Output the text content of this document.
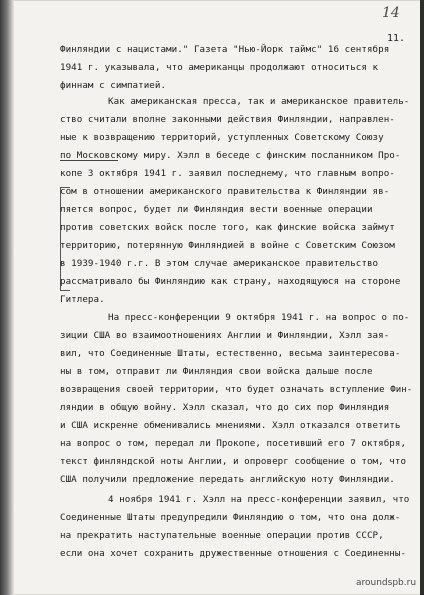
14
11.
Финляндии с нацистами." Газета "Нью-Йорк таймс" 16 сентября
1941 г. указывала, что американцы продолжают относиться к
финнам с симпатией.
Как американская пресса, так и американское правитель-
ство считали вполне законными действия Финляндии, направлен-
ные к возвращению территорий, уступленных Советскому Союзу
по Московскому миру. Хэлл в беседе с финским посланником Про-
копе 3 октября 1941 г. заявил последнему, что главным вопро-
сом в отношении американского правительства к Финляндии яв-
ляется вопрос, будет ли Финляндия вести военные операции
против советских войск после того, как финские войска займут
территорию, потерянную Финляндией в войне с Советским Союзом
в 1939-1940 г.г. В этом случае американское правительство
рассматривало бы Финляндию как страну, находящуюся на стороне
Гитлера.
На пресс-конференции 9 октября 1941 г. на вопрос о по-
зиции США во взаимоотношениях Англии и Финляндии, Хэлл зая-
вил, что Соединенные Штаты, естественно, весьма заинтересова-
ны в том, отправит ли Финляндия свои войска дальше после
возвращения своей территории, что будет означать вступление Фин-
ляндии в общую войну. Хэлл сказал, что до сих пор Финляндия
и США искренне обменивались мнениями. Хэлл отказался ответить
на вопрос о том, передал ли Прокопе, посетивший его 7 октября,
текст финляндской ноты Англии, и опроверг сообщение о том, что
США получили предложение передать английскую ноту Финляндии.
4 ноября 1941 г. Хэлл на пресс-конференции заявил, что
Соединенные Штаты предупредили Финляндию о том, что она долж-
на прекратить наступательные военные операции против СССР,
если она хочет сохранить дружественные отношения с Соединенны-
aroundspb.ru
